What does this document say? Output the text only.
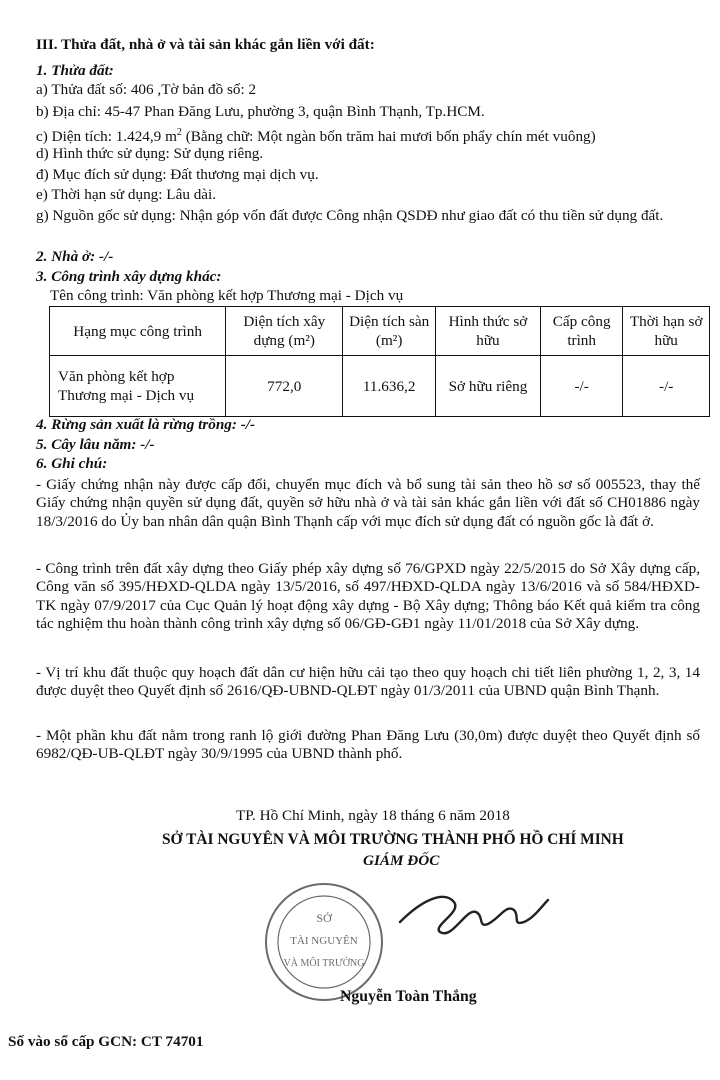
III. Thửa đất, nhà ở và tài sản khác gắn liền với đất:
1. Thửa đất:
a) Thửa đất số: 406 ,Tờ bản đồ số: 2
b) Địa chỉ: 45-47 Phan Đăng Lưu, phường 3, quận Bình Thạnh, Tp.HCM.
c) Diện tích: 1.424,9 $m^2$ (Bằng chữ: Một ngàn bốn trăm hai mươi bốn phẩy chín mét vuông)
d) Hình thức sử dụng: Sử dụng riêng.
đ) Mục đích sử dụng: Đất thương mại dịch vụ.
e) Thời hạn sử dụng: Lâu dài.
g) Nguồn gốc sử dụng: Nhận góp vốn đất được Công nhận QSDĐ như giao đất có thu tiền sử dụng đất.
2. Nhà ở: -/-
3. Công trình xây dựng khác:
Tên công trình: Văn phòng kết hợp Thương mại - Dịch vụ
Hạng mục công trình	Diện tích xây dựng (m²)	Diện tích sàn (m²)	Hình thức sở hữu	Cấp công trình	Thời hạn sở hữu
Văn phòng kết hợp Thương mại - Dịch vụ	772,0	11.636,2	Sở hữu riêng	-/-	-/-
4. Rừng sản xuất là rừng trồng: -/-
5. Cây lâu năm: -/-
6. Ghi chú:
- Giấy chứng nhận này được cấp đổi, chuyển mục đích và bổ sung tài sản theo hồ sơ số 005523, thay thế Giấy chứng nhận quyền sử dụng đất, quyền sở hữu nhà ở và tài sản khác gắn liền với đất số CH01886 ngày 18/3/2016 do Ủy ban nhân dân quận Bình Thạnh cấp với mục đích sử dụng đất có nguồn gốc là đất ở.
- Công trình trên đất xây dựng theo Giấy phép xây dựng số 76/GPXD ngày 22/5/2015 do Sở Xây dựng cấp, Công văn số 395/HĐXD-QLDA ngày 13/5/2016, số 497/HĐXD-QLDA ngày 13/6/2016 và số 584/HĐXD-TK ngày 07/9/2017 của Cục Quản lý hoạt động xây dựng - Bộ Xây dựng; Thông báo Kết quả kiểm tra công tác nghiệm thu hoàn thành công trình xây dựng số 06/GĐ-GĐ1 ngày 11/01/2018 của Sở Xây dựng.
- Vị trí khu đất thuộc quy hoạch đất dân cư hiện hữu cải tạo theo quy hoạch chi tiết liên phường 1, 2, 3, 14 được duyệt theo Quyết định số 2616/QĐ-UBND-QLĐT ngày 01/3/2011 của UBND quận Bình Thạnh.
- Một phần khu đất nằm trong ranh lộ giới đường Phan Đăng Lưu (30,0m) được duyệt theo Quyết định số 6982/QĐ-UB-QLĐT ngày 30/9/1995 của UBND thành phố.
TP. Hồ Chí Minh, ngày 18 tháng 6 năm 2018
SỞ TÀI NGUYÊN VÀ MÔI TRƯỜNG THÀNH PHỐ HỒ CHÍ MINH
GIÁM ĐỐC
SỞ
TÀI NGUYÊN
VÀ MÔI TRƯỜNG
Nguyễn Toàn Thắng
Số vào sổ cấp GCN: CT 74701
